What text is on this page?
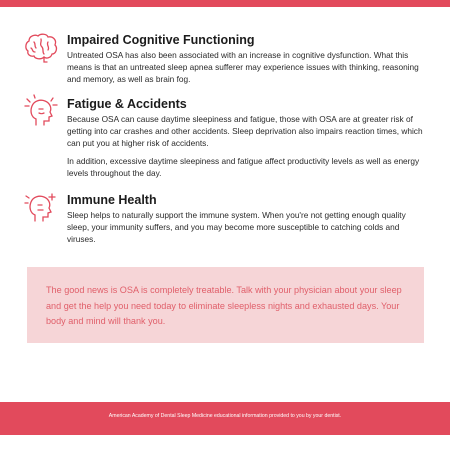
Impaired Cognitive Functioning

Untreated OSA has also been associated with an increase in cognitive dysfunction. What this means is that an untreated sleep apnea sufferer may experience issues with thinking, reasoning and memory, as well as brain fog.

Fatigue & Accidents

Because OSA can cause daytime sleepiness and fatigue, those with OSA are at greater risk of getting into car crashes and other accidents. Sleep deprivation also impairs reaction times, which can put you at higher risk of accidents.

In addition, excessive daytime sleepiness and fatigue affect productivity levels as well as energy levels throughout the day.

Immune Health

Sleep helps to naturally support the immune system. When you're not getting enough quality sleep, your immunity suffers, and you may become more susceptible to catching colds and viruses.

The good news is OSA is completely treatable. Talk with your physician about your sleep and get the help you need today to eliminate sleepless nights and exhausted days. Your body and mind will thank you.

American Academy of Dental Sleep Medicine educational information provided to you by your dentist.
